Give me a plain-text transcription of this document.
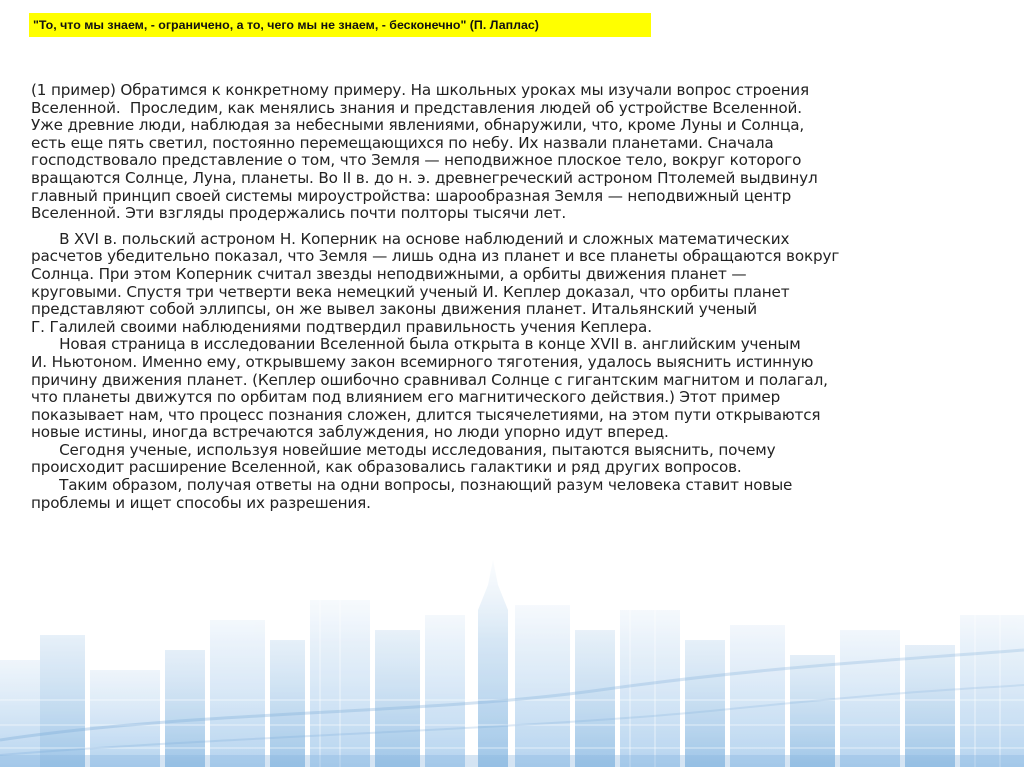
"То, что мы знаем, - ограничено, а то, чего мы не знаем, - бесконечно" (П. Лаплас)
(1 пример) Обратимся к конкретному примеру. На школьных уроках мы изучали вопрос строения
Вселенной.  Проследим, как менялись знания и представления людей об устройстве Вселенной.
Уже древние люди, наблюдая за небесными явлениями, обнаружили, что, кроме Луны и Солнца,
есть еще пять светил, постоянно перемещающихся по небу. Их назвали планетами. Сначала
господствовало представление о том, что Земля — неподвижное плоское тело, вокруг которого
вращаются Солнце, Луна, планеты. Во II в. до н. э. древнегреческий астроном Птолемей выдвинул
главный принцип своей системы мироустройства: шарообразная Земля — неподвижный центр
Вселенной. Эти взгляды продержались почти полторы тысячи лет.
В XVI в. польский астроном Н. Коперник на основе наблюдений и сложных математических
расчетов убедительно показал, что Земля — лишь одна из планет и все планеты обращаются вокруг
Солнца. При этом Коперник считал звезды неподвижными, а орбиты движения планет —
круговыми. Спустя три четверти века немецкий ученый И. Кеплер доказал, что орбиты планет
представляют собой эллипсы, он же вывел законы движения планет. Итальянский ученый
Г. Галилей своими наблюдениями подтвердил правильность учения Кеплера.
Новая страница в исследовании Вселенной была открыта в конце XVII в. английским ученым
И. Ньютоном. Именно ему, открывшему закон всемирного тяготения, удалось выяснить истинную
причину движения планет. (Кеплер ошибочно сравнивал Солнце с гигантским магнитом и полагал,
что планеты движутся по орбитам под влиянием его магнитического действия.) Этот пример
показывает нам, что процесс познания сложен, длится тысячелетиями, на этом пути открываются
новые истины, иногда встречаются заблуждения, но люди упорно идут вперед.
Сегодня ученые, используя новейшие методы исследования, пытаются выяснить, почему
происходит расширение Вселенной, как образовались галактики и ряд других вопросов.
Таким образом, получая ответы на одни вопросы, познающий разум человека ставит новые
проблемы и ищет способы их разрешения.
